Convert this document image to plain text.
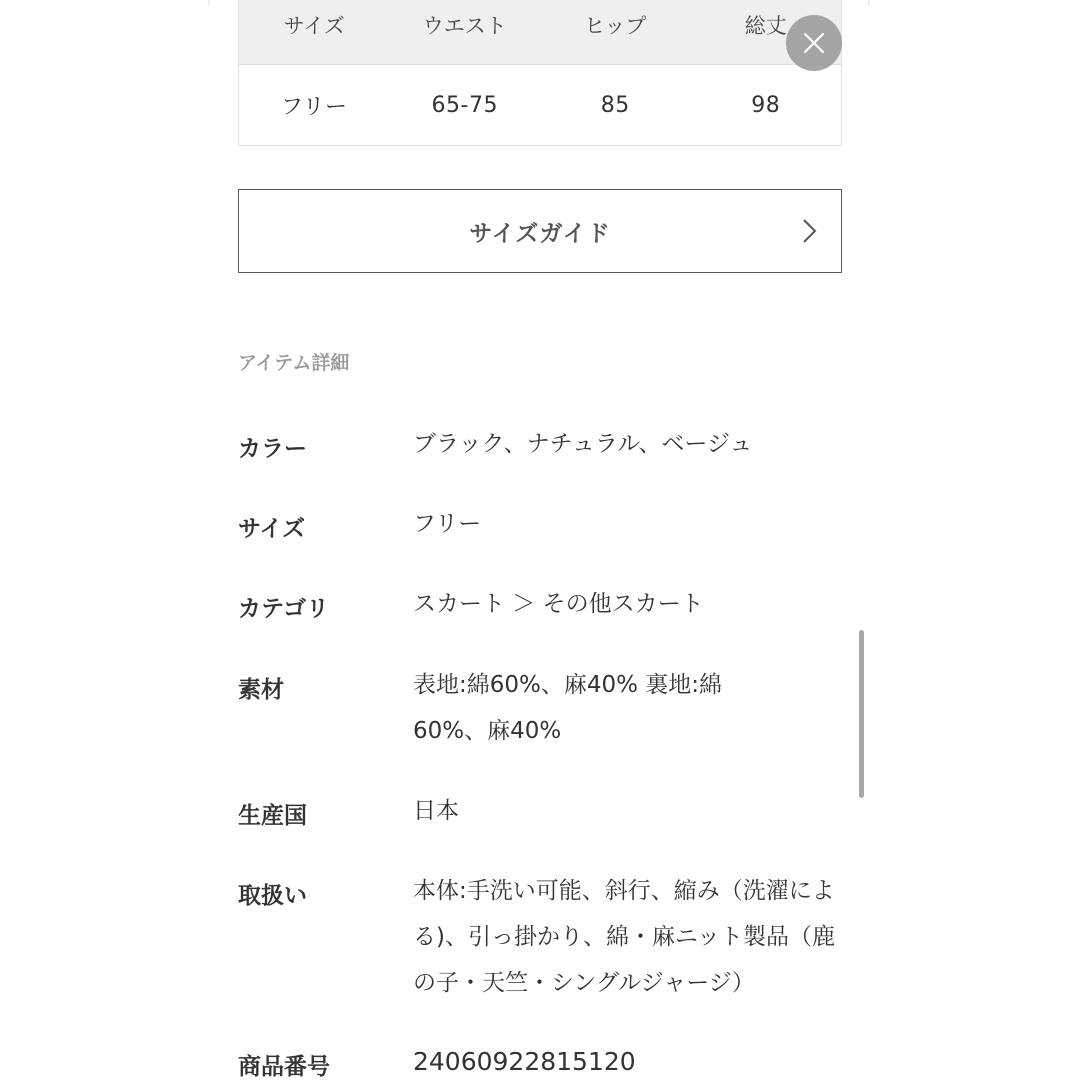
サイズ	ウエスト	ヒップ	総丈
フリー	65-75	85	98
サイズガイド
アイテム詳細
カラー	ブラック、ナチュラル、ベージュ
サイズ	フリー
カテゴリ	スカート ＞ その他スカート
素材	表地:綿60%、麻40% 裏地:綿60%、麻40%
生産国	日本
取扱い	本体:手洗い可能、斜行、縮み（洗濯による)、引っ掛かり、綿・麻ニット製品（鹿の子・天竺・シングルジャージ）
商品番号	24060922815120
